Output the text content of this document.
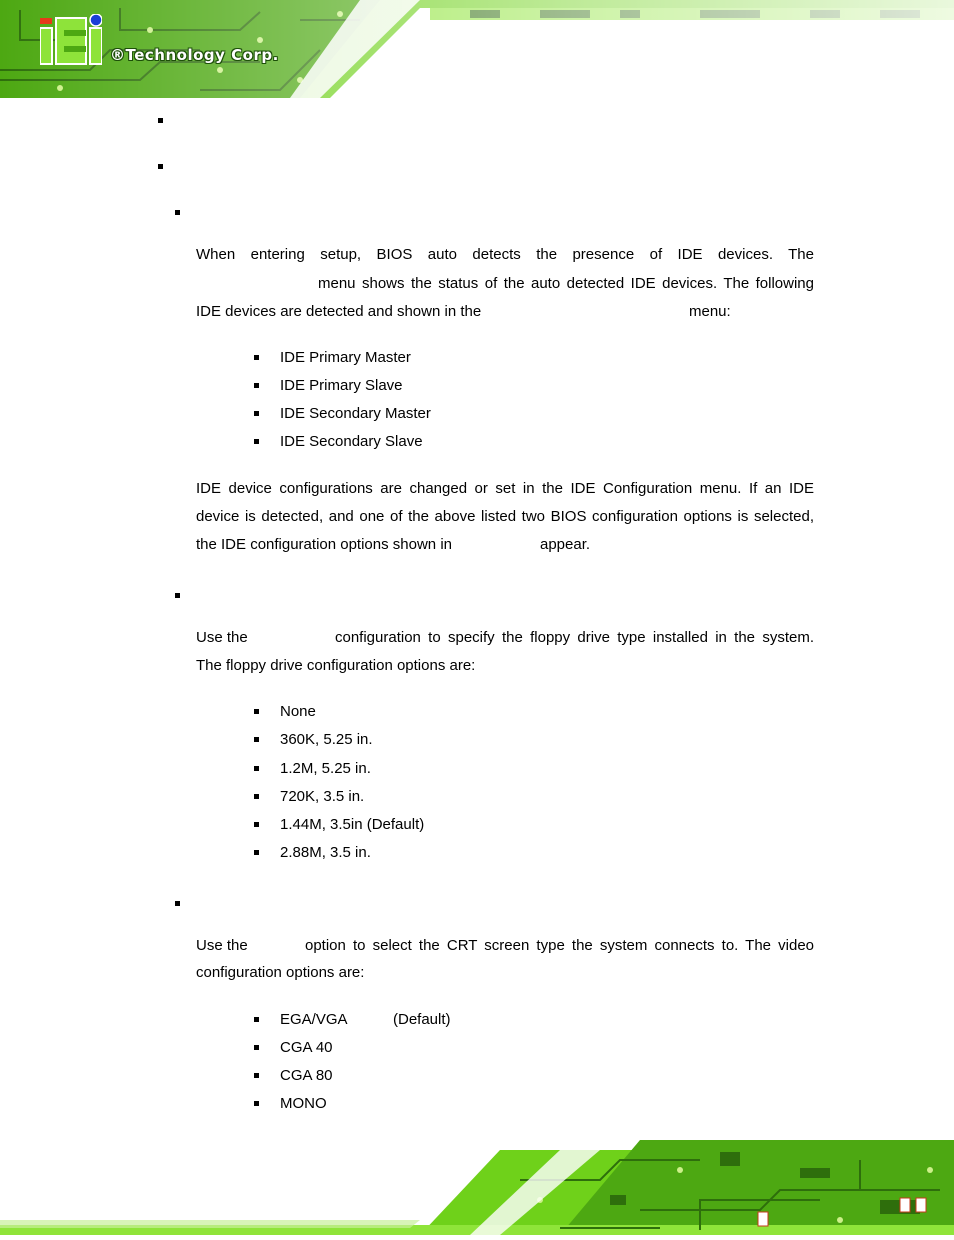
®Technology Corp.
When entering setup, BIOS auto detects the presence of IDE devices. The
menu shows the status of the auto detected IDE devices. The following
IDE devices are detected and shown in the	menu:
IDE Primary Master
IDE Primary Slave
IDE Secondary Master
IDE Secondary Slave
IDE device configurations are changed or set in the IDE Configuration menu. If an IDE
device is detected, and one of the above listed two BIOS configuration options is selected,
the IDE configuration options shown in	appear.
Use the	configuration to specify the floppy drive type installed in the system.
The floppy drive configuration options are:
None
360K, 5.25 in.
1.2M, 5.25 in.
720K, 3.5 in.
1.44M, 3.5in (Default)
2.88M, 3.5 in.
Use the	option to select the CRT screen type the system connects to. The video
configuration options are:
EGA/VGA	(Default)
CGA 40
CGA 80
MONO
